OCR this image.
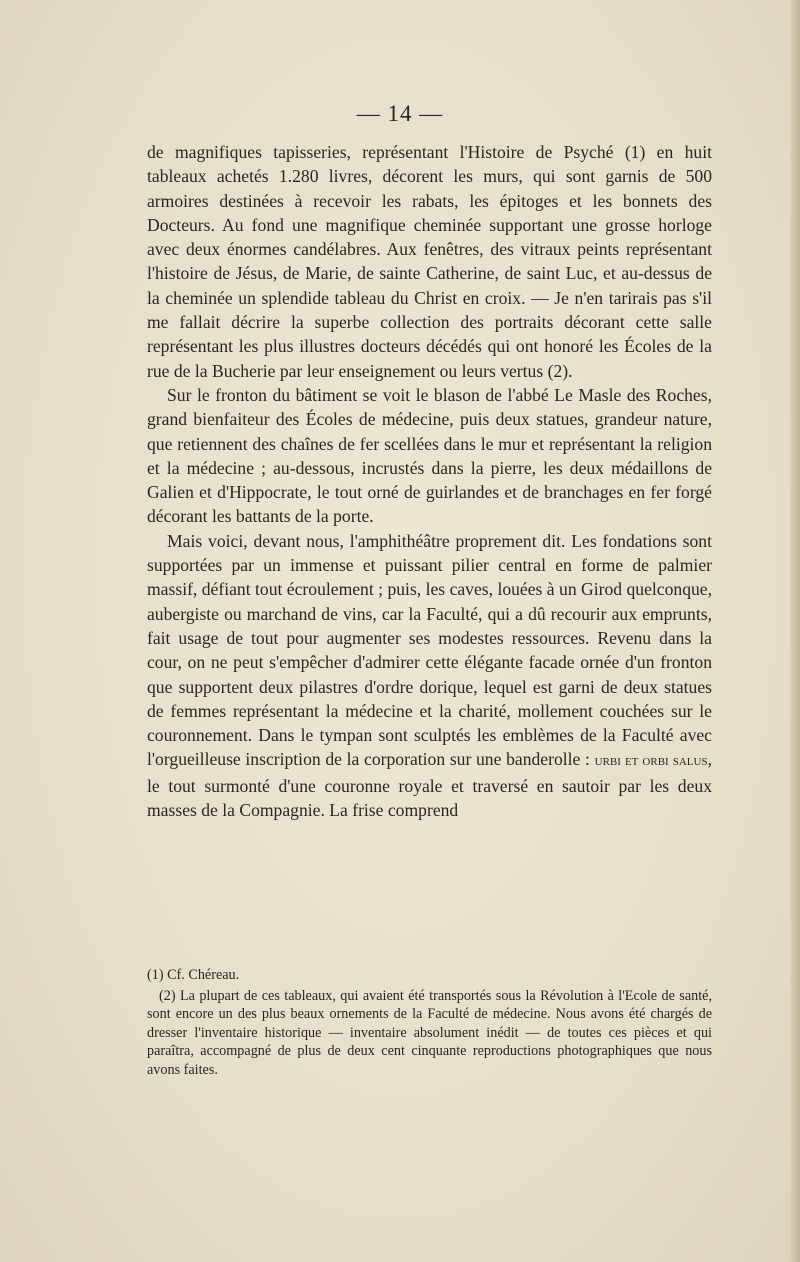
— 14 —

de magnifiques tapisseries, représentant l'Histoire de Psyché (1) en huit tableaux achetés 1.280 livres, décorent les murs, qui sont garnis de 500 armoires destinées à recevoir les rabats, les épitoges et les bonnets des Docteurs. Au fond une magnifique cheminée supportant une grosse horloge avec deux énormes candélabres. Aux fenêtres, des vitraux peints représentant l'histoire de Jésus, de Marie, de sainte Catherine, de saint Luc, et au-dessus de la cheminée un splendide tableau du Christ en croix. — Je n'en tarirais pas s'il me fallait décrire la superbe collection des portraits décorant cette salle représentant les plus illustres docteurs décédés qui ont honoré les Écoles de la rue de la Bucherie par leur enseignement ou leurs vertus (2).

Sur le fronton du bâtiment se voit le blason de l'abbé Le Masle des Roches, grand bienfaiteur des Écoles de médecine, puis deux statues, grandeur nature, que retiennent des chaînes de fer scellées dans le mur et représentant la religion et la médecine ; au-dessous, incrustés dans la pierre, les deux médaillons de Galien et d'Hippocrate, le tout orné de guirlandes et de branchages en fer forgé décorant les battants de la porte.

Mais voici, devant nous, l'amphithéâtre proprement dit. Les fondations sont supportées par un immense et puissant pilier central en forme de palmier massif, défiant tout écroulement ; puis, les caves, louées à un Girod quelconque, aubergiste ou marchand de vins, car la Faculté, qui a dû recourir aux emprunts, fait usage de tout pour augmenter ses modestes ressources. Revenu dans la cour, on ne peut s'empêcher d'admirer cette élégante facade ornée d'un fronton que supportent deux pilastres d'ordre dorique, lequel est garni de deux statues de femmes représentant la médecine et la charité, mollement couchées sur le couronnement. Dans le tympan sont sculptés les emblèmes de la Faculté avec l'orgueilleuse inscription de la corporation sur une banderolle : urbi et orbi salus, le tout surmonté d'une couronne royale et traversé en sautoir par les deux masses de la Compagnie. La frise comprend

(1) Cf. Chéreau.

(2) La plupart de ces tableaux, qui avaient été transportés sous la Révolution à l'Ecole de santé, sont encore un des plus beaux ornements de la Faculté de médecine. Nous avons été chargés de dresser l'inventaire historique — inventaire absolument inédit — de toutes ces pièces et qui paraîtra, accompagné de plus de deux cent cinquante reproductions photographiques que nous avons faites.
